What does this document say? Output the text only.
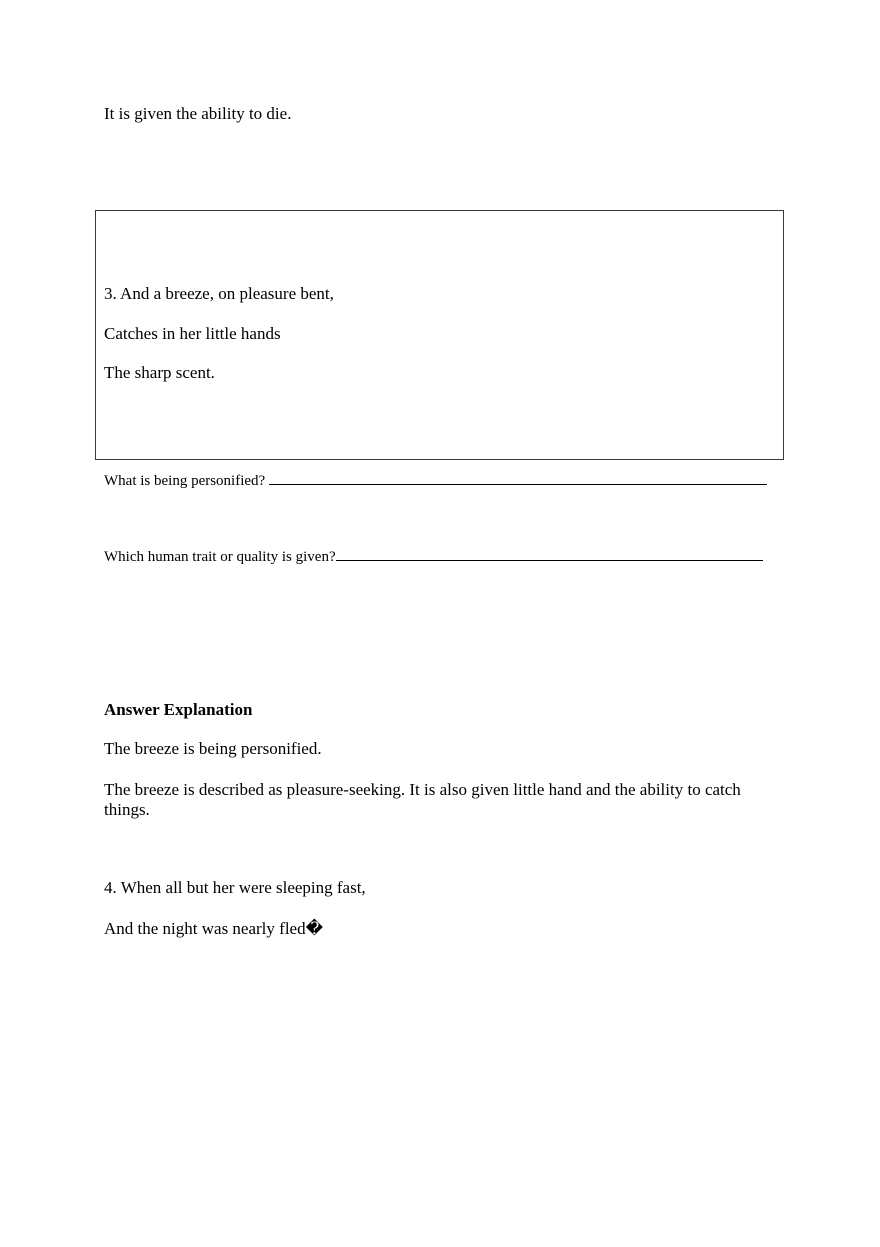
It is given the ability to die.

3. And a breeze, on pleasure bent,

Catches in her little hands

The sharp scent.

What is being personified?

Which human trait or quality is given?

Answer Explanation

The breeze is being personified.

The breeze is described as pleasure-seeking. It is also given little hand and the ability to catch things.

4. When all but her were sleeping fast,

And the night was nearly fled�
